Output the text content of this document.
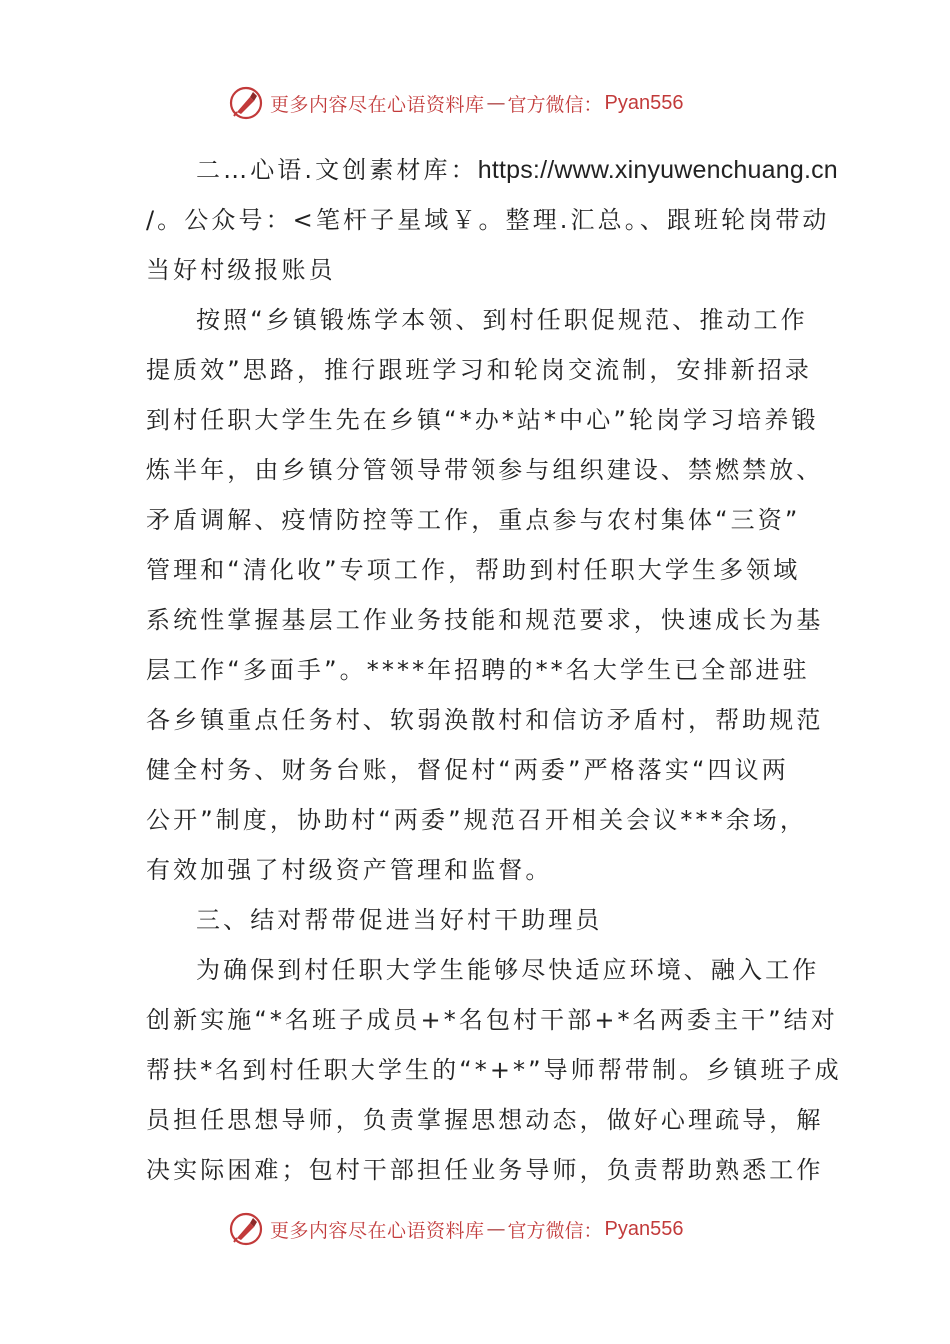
更多内容尽在心语资料库 — 官方微信： Pyan556
二…心语.文创素材库：https://www.xinyuwenchuang.cn
/。公众号：<笔杆子星域￥。整理.汇总。、跟班轮岗带动
当好村级报账员
按照“乡镇锻炼学本领、到村任职促规范、推动工作
提质效”思路，推行跟班学习和轮岗交流制，安排新招录
到村任职大学生先在乡镇“*办*站*中心”轮岗学习培养锻
炼半年，由乡镇分管领导带领参与组织建设、禁燃禁放、
矛盾调解、疫情防控等工作，重点参与农村集体“三资”
管理和“清化收”专项工作，帮助到村任职大学生多领域
系统性掌握基层工作业务技能和规范要求，快速成长为基
层工作“多面手”。****年招聘的**名大学生已全部进驻
各乡镇重点任务村、软弱涣散村和信访矛盾村，帮助规范
健全村务、财务台账，督促村“两委”严格落实“四议两
公开”制度，协助村“两委”规范召开相关会议***余场，
有效加强了村级资产管理和监督。
三、结对帮带促进当好村干助理员
为确保到村任职大学生能够尽快适应环境、融入工作
创新实施“*名班子成员+*名包村干部+*名两委主干”结对
帮扶*名到村任职大学生的“*+*”导师帮带制。乡镇班子成
员担任思想导师，负责掌握思想动态，做好心理疏导，解
决实际困难；包村干部担任业务导师，负责帮助熟悉工作
更多内容尽在心语资料库 — 官方微信： Pyan556
